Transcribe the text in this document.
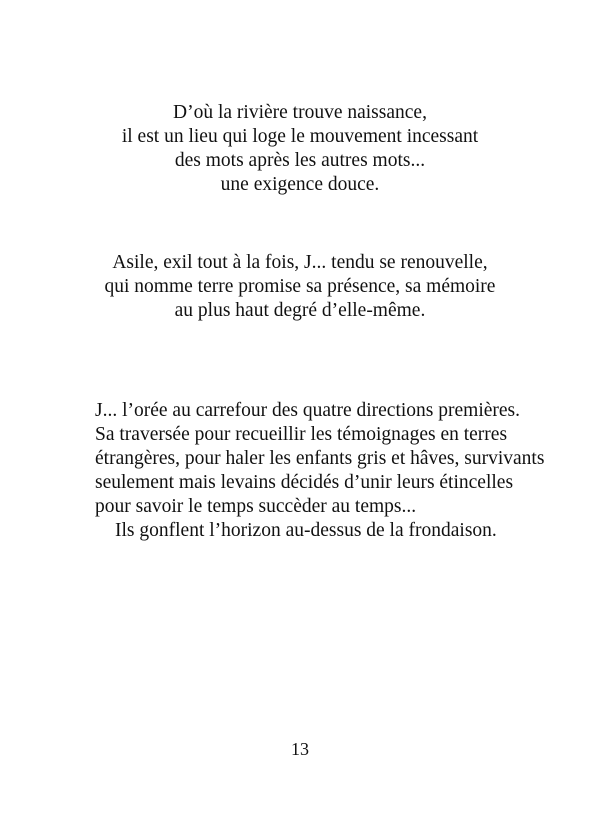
D’où la rivière trouve naissance,
il est un lieu qui loge le mouvement incessant
des mots après les autres mots...
une exigence douce.
Asile, exil tout à la fois, J... tendu se renouvelle,
qui nomme terre promise sa présence, sa mémoire
au plus haut degré d’elle-même.
J... l’orée au carrefour des quatre directions premières.
Sa traversée pour recueillir les témoignages en terres
étrangères, pour haler les enfants gris et hâves, survivants
seulement mais levains décidés d’unir leurs étincelles
pour savoir le temps succèder au temps...
Ils gonflent l’horizon au-dessus de la frondaison.
13
